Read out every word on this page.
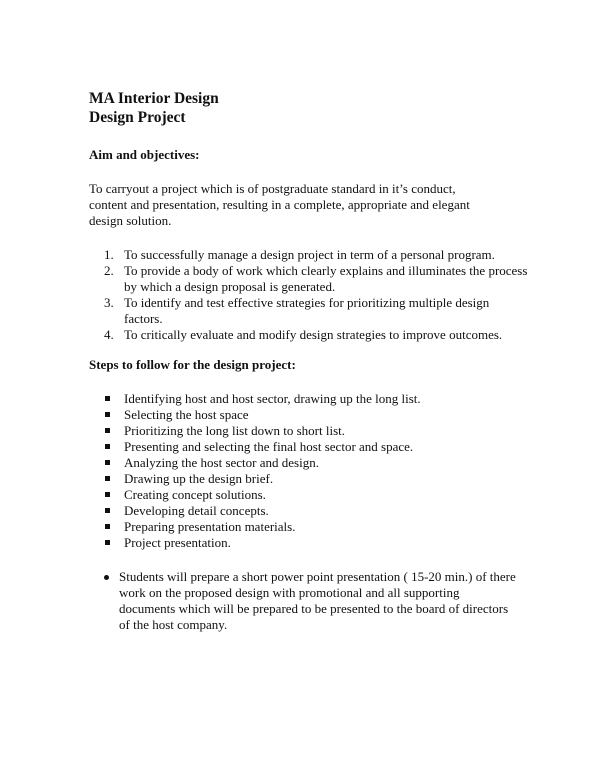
MA Interior Design

Design Project

Aim and objectives:

To carryout a project which is of postgraduate standard in it’s conduct, content and presentation, resulting in a complete, appropriate and elegant design solution.

1. To successfully manage a design project in term of a personal program.
2. To provide a body of work which clearly explains and illuminates the process by which a design proposal is generated.
3. To identify and test effective strategies for prioritizing multiple design factors.
4. To critically evaluate and modify design strategies to improve outcomes.

Steps to follow for the design project:

Identifying host and host sector, drawing up the long list.
Selecting the host space
Prioritizing the long list down to short list.
Presenting and selecting the final host sector and space.
Analyzing the host sector and design.
Drawing up the design brief.
Creating concept solutions.
Developing detail concepts.
Preparing presentation materials.
Project presentation.
Students will prepare a short power point presentation ( 15-20 min.) of there work on the proposed design with promotional and all supporting documents which will be prepared to be presented to the board of directors of the host company.
